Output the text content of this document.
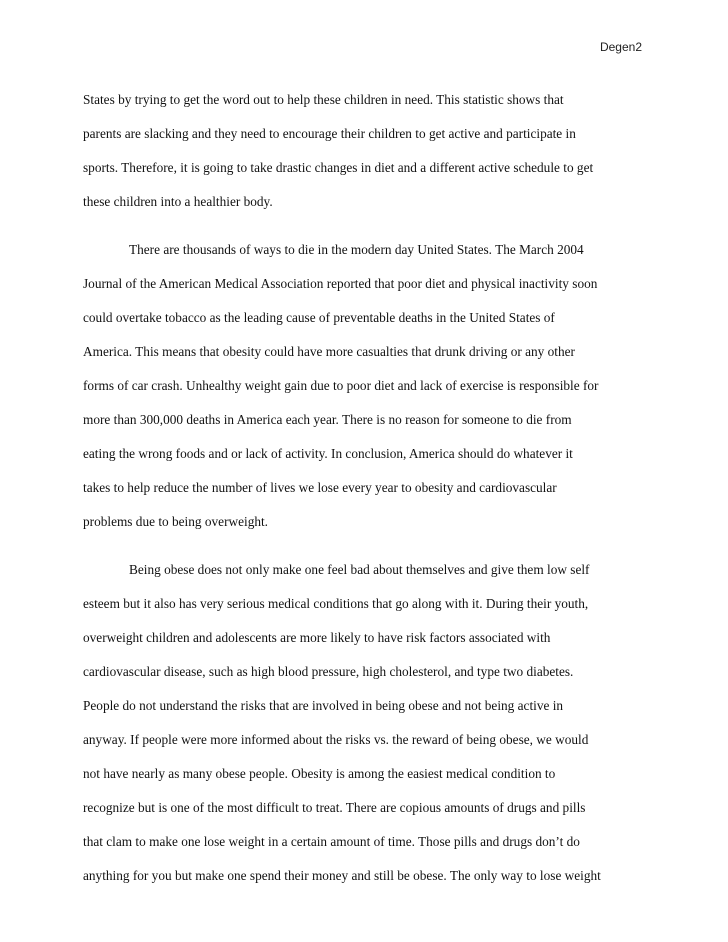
Degen2
States by trying to get the word out to help these children in need. This statistic shows that
parents are slacking and they need to encourage their children to get active and participate in
sports. Therefore, it is going to take drastic changes in diet and a different active schedule to get
these children into a healthier body.
There are thousands of ways to die in the modern day United States. The March 2004
Journal of the American Medical Association reported that poor diet and physical inactivity soon
could overtake tobacco as the leading cause of preventable deaths in the United States of
America. This means that obesity could have more casualties that drunk driving or any other
forms of car crash. Unhealthy weight gain due to poor diet and lack of exercise is responsible for
more than 300,000 deaths in America each year. There is no reason for someone to die from
eating the wrong foods and or lack of activity. In conclusion, America should do whatever it
takes to help reduce the number of lives we lose every year to obesity and cardiovascular
problems due to being overweight.
Being obese does not only make one feel bad about themselves and give them low self
esteem but it also has very serious medical conditions that go along with it. During their youth,
overweight children and adolescents are more likely to have risk factors associated with
cardiovascular disease, such as high blood pressure, high cholesterol, and type two diabetes.
People do not understand the risks that are involved in being obese and not being active in
anyway. If people were more informed about the risks vs. the reward of being obese, we would
not have nearly as many obese people. Obesity is among the easiest medical condition to
recognize but is one of the most difficult to treat. There are copious amounts of drugs and pills
that clam to make one lose weight in a certain amount of time. Those pills and drugs don’t do
anything for you but make one spend their money and still be obese. The only way to lose weight
